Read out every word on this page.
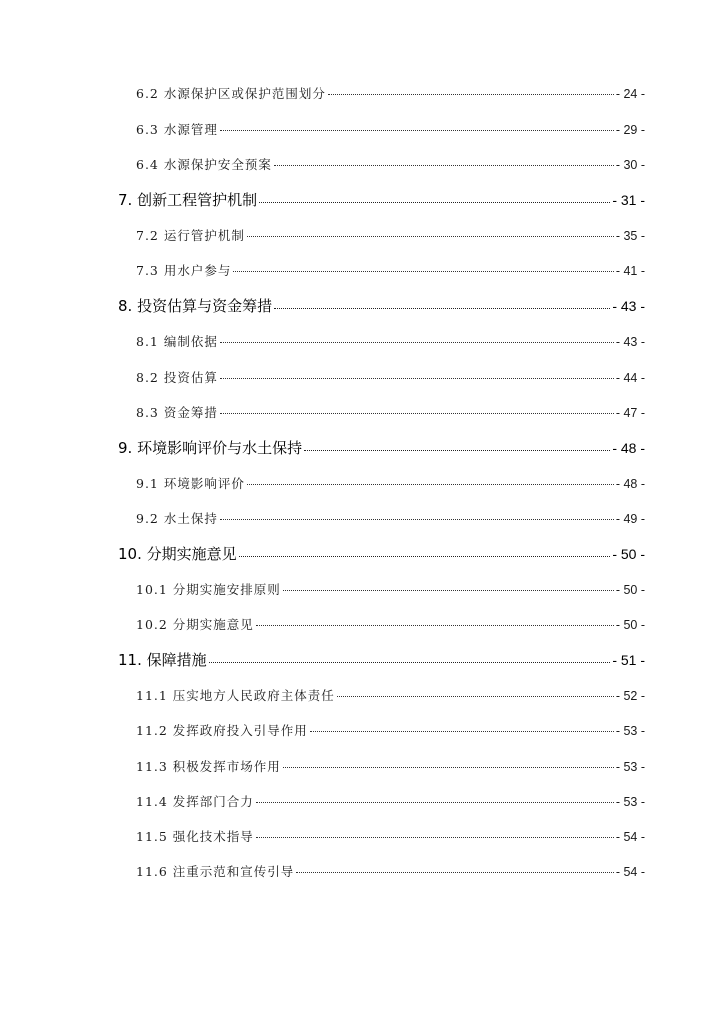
6.2 水源保护区或保护范围划分	- 24 -
6.3 水源管理	- 29 -
6.4 水源保护安全预案	- 30 -
7. 创新工程管护机制	- 31 -
7.2 运行管护机制	- 35 -
7.3 用水户参与	- 41 -
8. 投资估算与资金筹措	- 43 -
8.1 编制依据	- 43 -
8.2 投资估算	- 44 -
8.3 资金筹措	- 47 -
9. 环境影响评价与水土保持	- 48 -
9.1 环境影响评价	- 48 -
9.2 水土保持	- 49 -
10. 分期实施意见	- 50 -
10.1 分期实施安排原则	- 50 -
10.2 分期实施意见	- 50 -
11. 保障措施	- 51 -
11.1 压实地方人民政府主体责任	- 52 -
11.2 发挥政府投入引导作用	- 53 -
11.3 积极发挥市场作用	- 53 -
11.4 发挥部门合力	- 53 -
11.5 强化技术指导	- 54 -
11.6 注重示范和宣传引导	- 54 -
